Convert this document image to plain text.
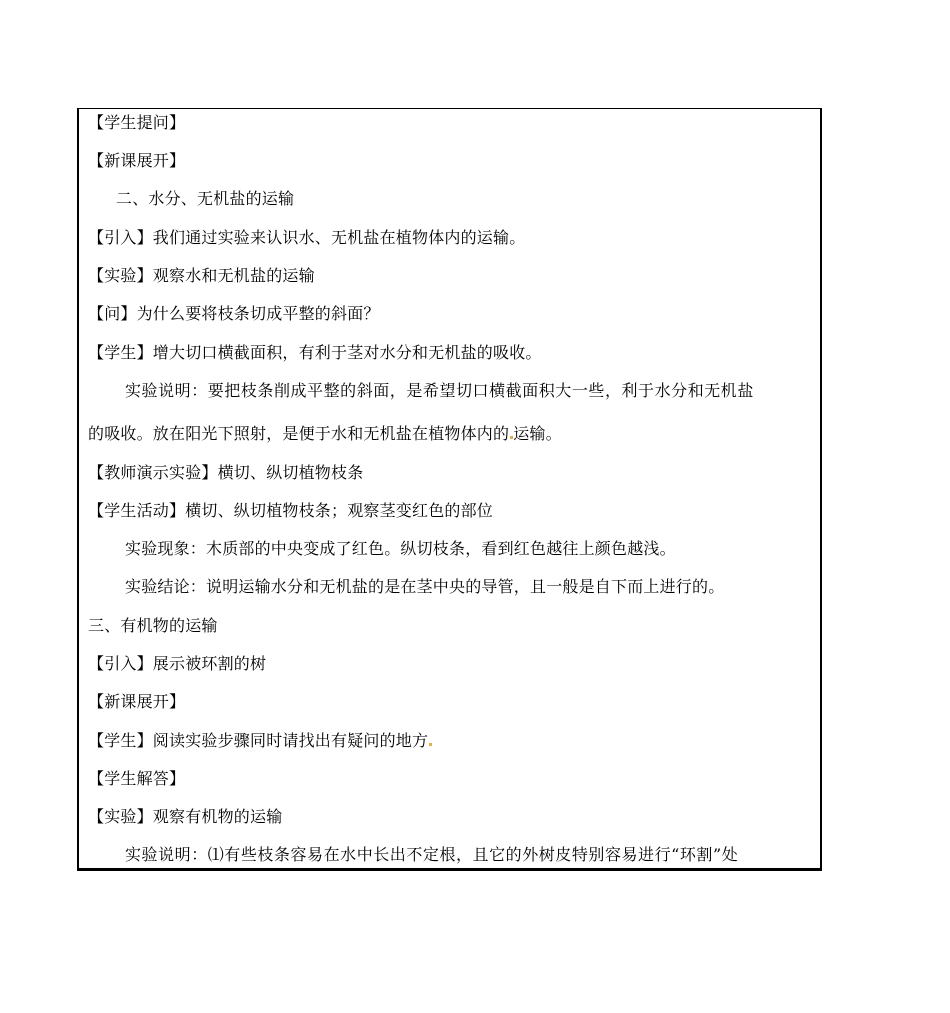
【学生提问】
【新课展开】
二、水分、无机盐的运输
【引入】我们通过实验来认识水、无机盐在植物体内的运输。
【实验】观察水和无机盐的运输
【问】为什么要将枝条切成平整的斜面？
【学生】增大切口横截面积，有利于茎对水分和无机盐的吸收。
实验说明：要把枝条削成平整的斜面，是希望切口横截面积大一些，利于水分和无机盐
的吸收。放在阳光下照射，是便于水和无机盐在植物体内的 运输。
【教师演示实验】横切、纵切植物枝条
【学生活动】横切、纵切植物枝条；观察茎变红色的部位
实验现象：木质部的中央变成了红色。纵切枝条，看到红色越往上颜色越浅。
实验结论：说明运输水分和无机盐的是在茎中央的导管，且一般是自下而上进行的。
三、有机物的运输
【引入】展示被环割的树
【新课展开】
【学生】阅读实验步骤同时请找出有疑问的地方
【学生解答】
【实验】观察有机物的运输
实验说明：⑴有些枝条容易在水中长出不定根，且它的外树皮特别容易进行“环割”处
